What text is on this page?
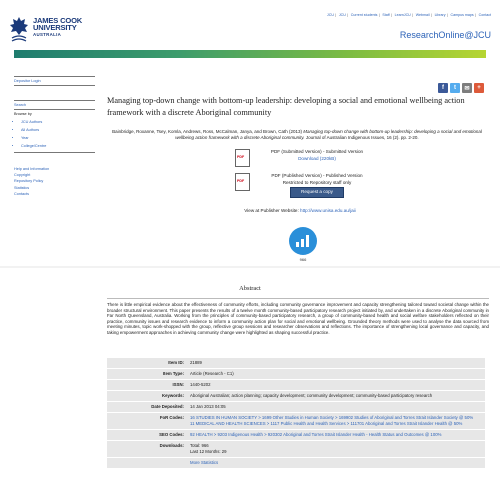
JCU | JCU | Current students | Staff | LearnJCU | Webmail | Library | Campus maps | Contact
JAMES COOK
UNIVERSITY
AUSTRALIA	ResearchOnline@JCU
Depositor Login
Search
Browse by
• JCU Authors
• All Authors
• Year
• College/Centre
Help and Information
Copyright
Repository Policy
Statistics
Contacts
f	t	✉	+
Managing top-down change with bottom-up leadership: developing a social and emotional wellbeing action framework with a discrete Aboriginal community
Bainbridge, Roxanne, Tsey, Komla, Andrews, Ross, McCalman, Janya, and Brown, Cath (2013) Managing top-down change with bottom-up leadership: developing a social and emotional wellbeing action framework with a discrete Aboriginal community. Journal of Australian Indigenous Issues, 16 (2). pp. 2-20.
PDF
PDF (Submitted Version) - Submitted Version
Download (220kB)
PDF
PDF (Published Version) - Published Version
Restricted to Repository staff only
Request a copy
View at Publisher Website: http://www.unisa.edu.au/jaii
966
Abstract
There is little empirical evidence about the effectiveness of community efforts, including community governance improvement and capacity strengthening tailored toward societal change within the broader structural environment. This paper presents the results of a twelve month community-based participatory research project initiated by, and undertaken in a discrete Aboriginal community in Far North Queensland, Australia. Working from the principles of community-based participatory research, a group of community-based health and social welfare stakeholders reflected on their practice, community issues and research evidence to inform a community action plan for social and emotional wellbeing. Grounded theory methods were used to analyse the data sourced from meeting minutes, topic work-shopped with the group, reflective group sessions and researcher observations and reflections. The importance of strengthening local governance and capacity, and taking empowerment approaches in achieving community change were highlighted as shaping successful practice.
Item ID:	21889
Item Type:	Article (Research - C1)
ISSN:	1440-5202
Keywords:	Aboriginal Australian; action planning; capacity development; community development; community-based participatory research
Date Deposited:	14 Jan 2013 04:05
FoR Codes:	16 STUDIES IN HUMAN SOCIETY > 1699 Other Studies in Human Society > 169902 Studies of Aboriginal and Torres Strait Islander Society @ 50%
11 MEDICAL AND HEALTH SCIENCES > 1117 Public Health and Health Services > 111701 Aboriginal and Torres Strait Islander Health @ 50%

SEO Codes:	92 HEALTH > 9203 Indigenous Health > 920302 Aboriginal and Torres Strait Islander Health - Health Status and Outcomes @ 100%

Downloads:	Total: 966
Last 12 Months: 29

	More Statistics
